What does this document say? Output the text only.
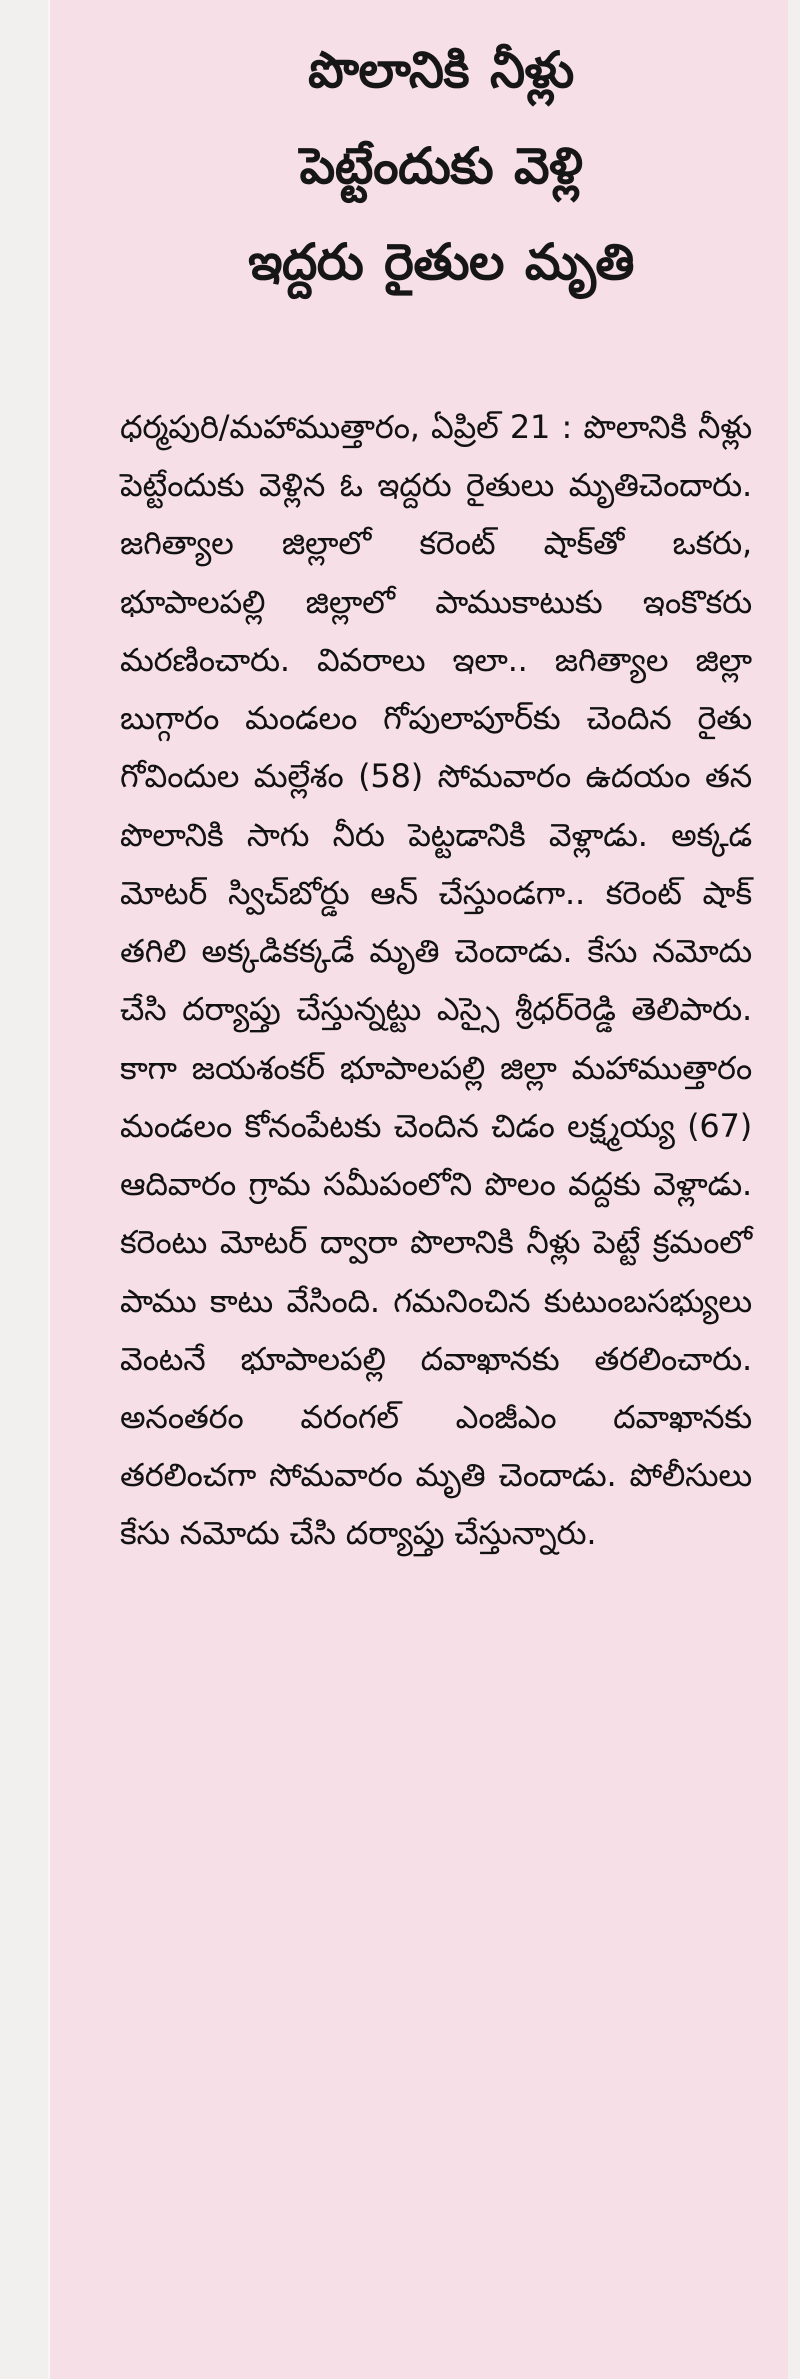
పొలానికి నీళ్లు
పెట్టేందుకు వెళ్లి
ఇద్దరు రైతుల మృతి

ధర్మపురి/మహాముత్తారం, ఏప్రిల్ 21 : పొలానికి నీళ్లు పెట్టేందుకు వెళ్లిన ఓ ఇద్దరు రైతులు మృతిచెందారు. జగిత్యాల జిల్లాలో కరెంట్ షాక్‌తో ఒకరు, భూపాలపల్లి జిల్లాలో పాముకాటుకు ఇంకొకరు మరణించారు. వివరాలు ఇలా.. జగిత్యాల జిల్లా బుగ్గారం మండలం గోపులాపూర్‌కు చెందిన రైతు గోవిందుల మల్లేశం (58) సోమవారం ఉదయం తన పొలానికి సాగు నీరు పెట్టడానికి వెళ్లాడు. అక్కడ మోటర్ స్విచ్‌బోర్డు ఆన్ చేస్తుండగా.. కరెంట్ షాక్ తగిలి అక్కడికక్కడే మృతి చెందాడు. కేసు నమోదు చేసి దర్యాప్తు చేస్తున్నట్టు ఎస్సై శ్రీధర్‌రెడ్డి తెలిపారు. కాగా జయశంకర్ భూపాలపల్లి జిల్లా మహాముత్తారం మండలం కోనంపేటకు చెందిన చిడం లక్ష్మయ్య (67) ఆదివారం గ్రామ సమీపంలోని పొలం వద్దకు వెళ్లాడు. కరెంటు మోటర్ ద్వారా పొలానికి నీళ్లు పెట్టే క్రమంలో పాము కాటు వేసింది. గమనించిన కుటుంబసభ్యులు వెంటనే భూపాలపల్లి దవాఖానకు తరలించారు. అనంతరం వరంగల్ ఎంజీఎం దవాఖానకు తరలించగా సోమవారం మృతి చెందాడు. పోలీసులు కేసు నమోదు చేసి దర్యాప్తు చేస్తున్నారు.
